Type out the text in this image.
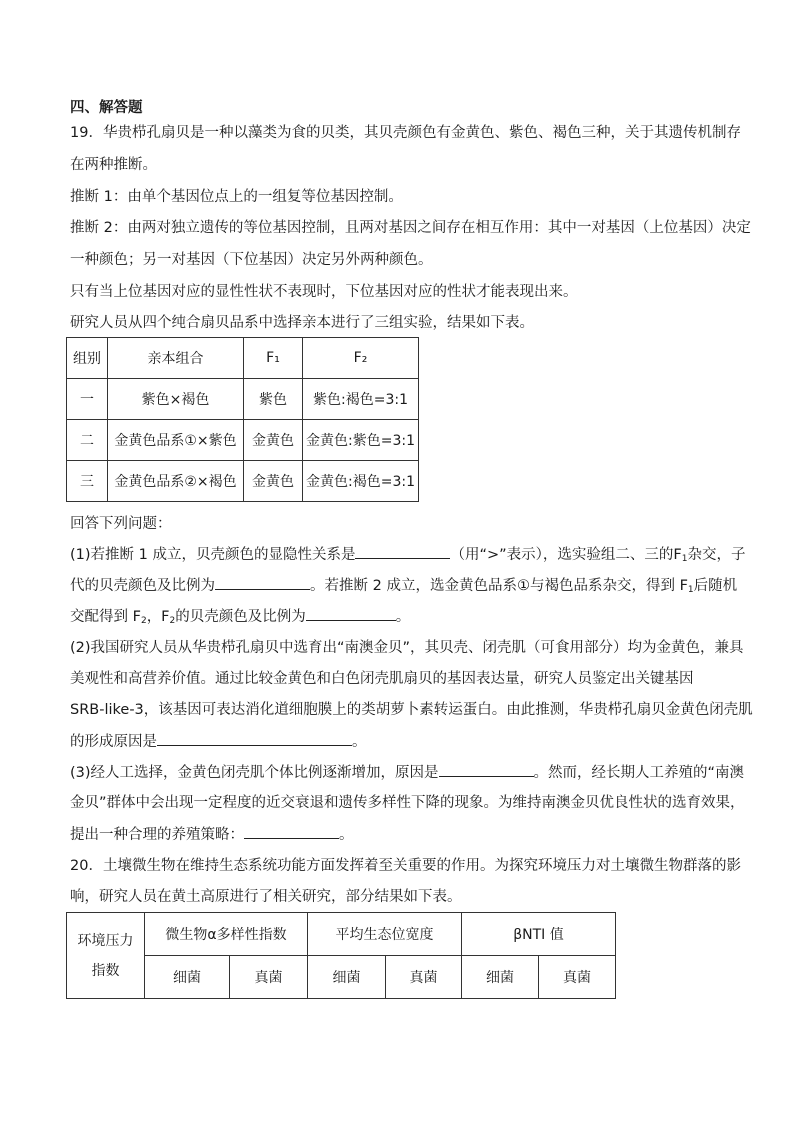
四、解答题
19．华贵栉孔扇贝是一种以藻类为食的贝类，其贝壳颜色有金黄色、紫色、褐色三种，关于其遗传机制存
在两种推断。
推断 1：由单个基因位点上的一组复等位基因控制。
推断 2：由两对独立遗传的等位基因控制，且两对基因之间存在相互作用：其中一对基因（上位基因）决定
一种颜色；另一对基因（下位基因）决定另外两种颜色。
只有当上位基因对应的显性性状不表现时，下位基因对应的性状才能表现出来。
研究人员从四个纯合扇贝品系中选择亲本进行了三组实验，结果如下表。
组别	亲本组合	F₁	F₂
一	紫色×褐色	紫色	紫色:褐色=3:1
二	金黄色品系①×紫色	金黄色	金黄色:紫色=3:1
三	金黄色品系②×褐色	金黄色	金黄色:褐色=3:1
回答下列问题：
(1)若推断 1 成立，贝壳颜色的显隐性关系是	（用“>”表示），选实验组二、三的$F_1$杂交，子
代的贝壳颜色及比例为	。若推断 2 成立，选金黄色品系①与褐色品系杂交，得到 $F_1$后随机
交配得到 $F_2$，$F_2$的贝壳颜色及比例为	。
(2)我国研究人员从华贵栉孔扇贝中选育出“南澳金贝”，其贝壳、闭壳肌（可食用部分）均为金黄色，兼具
美观性和高营养价值。通过比较金黄色和白色闭壳肌扇贝的基因表达量，研究人员鉴定出关键基因
SRB-like-3，该基因可表达消化道细胞膜上的类胡萝卜素转运蛋白。由此推测，华贵栉孔扇贝金黄色闭壳肌
的形成原因是	。
(3)经人工选择，金黄色闭壳肌个体比例逐渐增加，原因是	。然而，经长期人工养殖的“南澳
金贝”群体中会出现一定程度的近交衰退和遗传多样性下降的现象。为维持南澳金贝优良性状的选育效果，
提出一种合理的养殖策略：	。
20．土壤微生物在维持生态系统功能方面发挥着至关重要的作用。为探究环境压力对土壤微生物群落的影
响，研究人员在黄土高原进行了相关研究，部分结果如下表。
环境压力
指数	微生物α多样性指数		平均生态位宽度		βNTI 值	
	细菌	真菌	细菌	真菌	细菌	真菌
